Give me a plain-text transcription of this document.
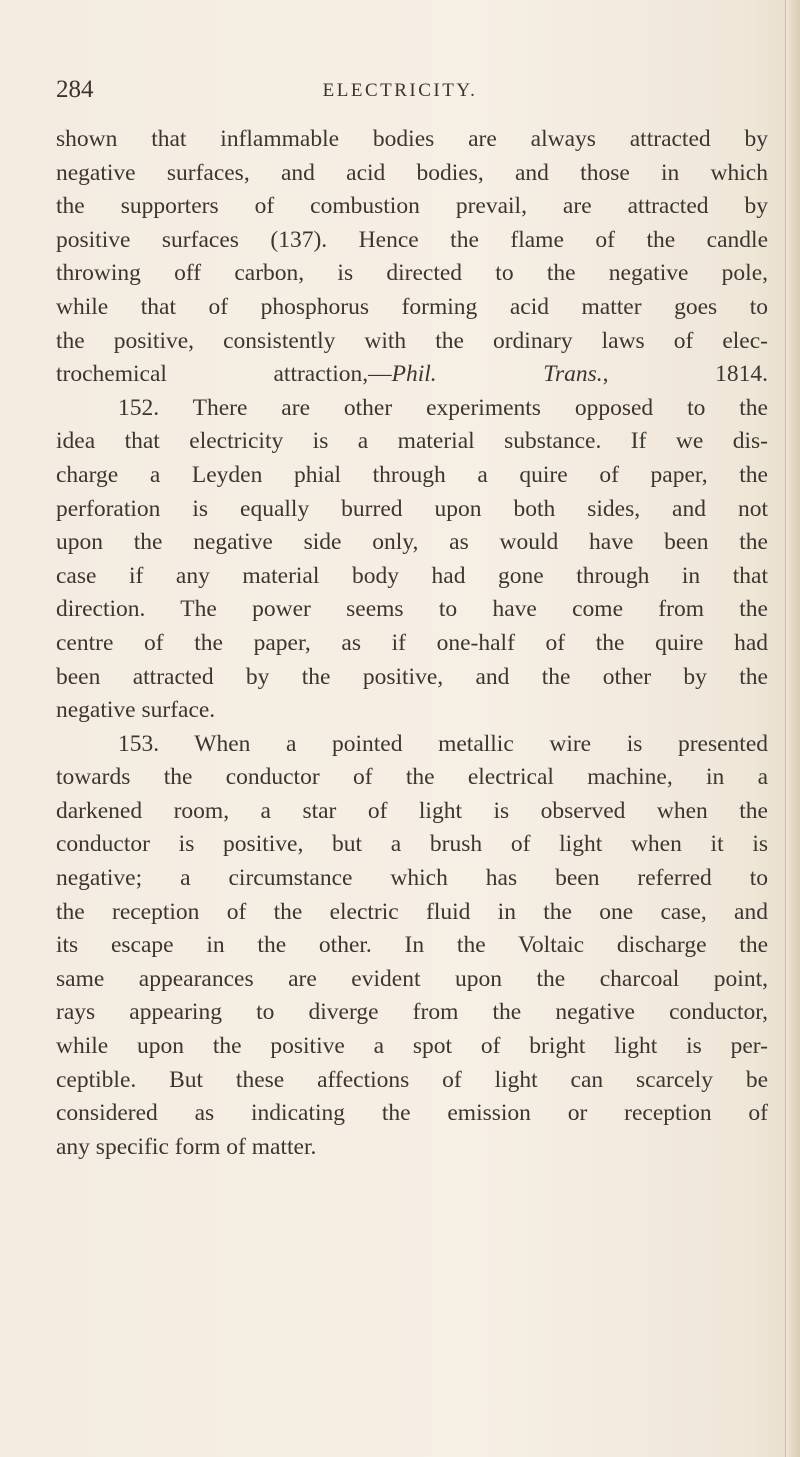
284	ELECTRICITY.
shown that inflammable bodies are always attracted by
negative surfaces, and acid bodies, and those in which
the supporters of combustion prevail, are attracted by
positive surfaces (137). Hence the flame of the candle
throwing off carbon, is directed to the negative pole,
while that of phosphorus forming acid matter goes to
the positive, consistently with the ordinary laws of elec-
trochemical attraction,—Phil. Trans., 1814.
152. There are other experiments opposed to the
idea that electricity is a material substance. If we dis-
charge a Leyden phial through a quire of paper, the
perforation is equally burred upon both sides, and not
upon the negative side only, as would have been the
case if any material body had gone through in that
direction. The power seems to have come from the
centre of the paper, as if one-half of the quire had
been attracted by the positive, and the other by the
negative surface.
153. When a pointed metallic wire is presented
towards the conductor of the electrical machine, in a
darkened room, a star of light is observed when the
conductor is positive, but a brush of light when it is
negative; a circumstance which has been referred to
the reception of the electric fluid in the one case, and
its escape in the other. In the Voltaic discharge the
same appearances are evident upon the charcoal point,
rays appearing to diverge from the negative conductor,
while upon the positive a spot of bright light is per-
ceptible. But these affections of light can scarcely be
considered as indicating the emission or reception of
any specific form of matter.
